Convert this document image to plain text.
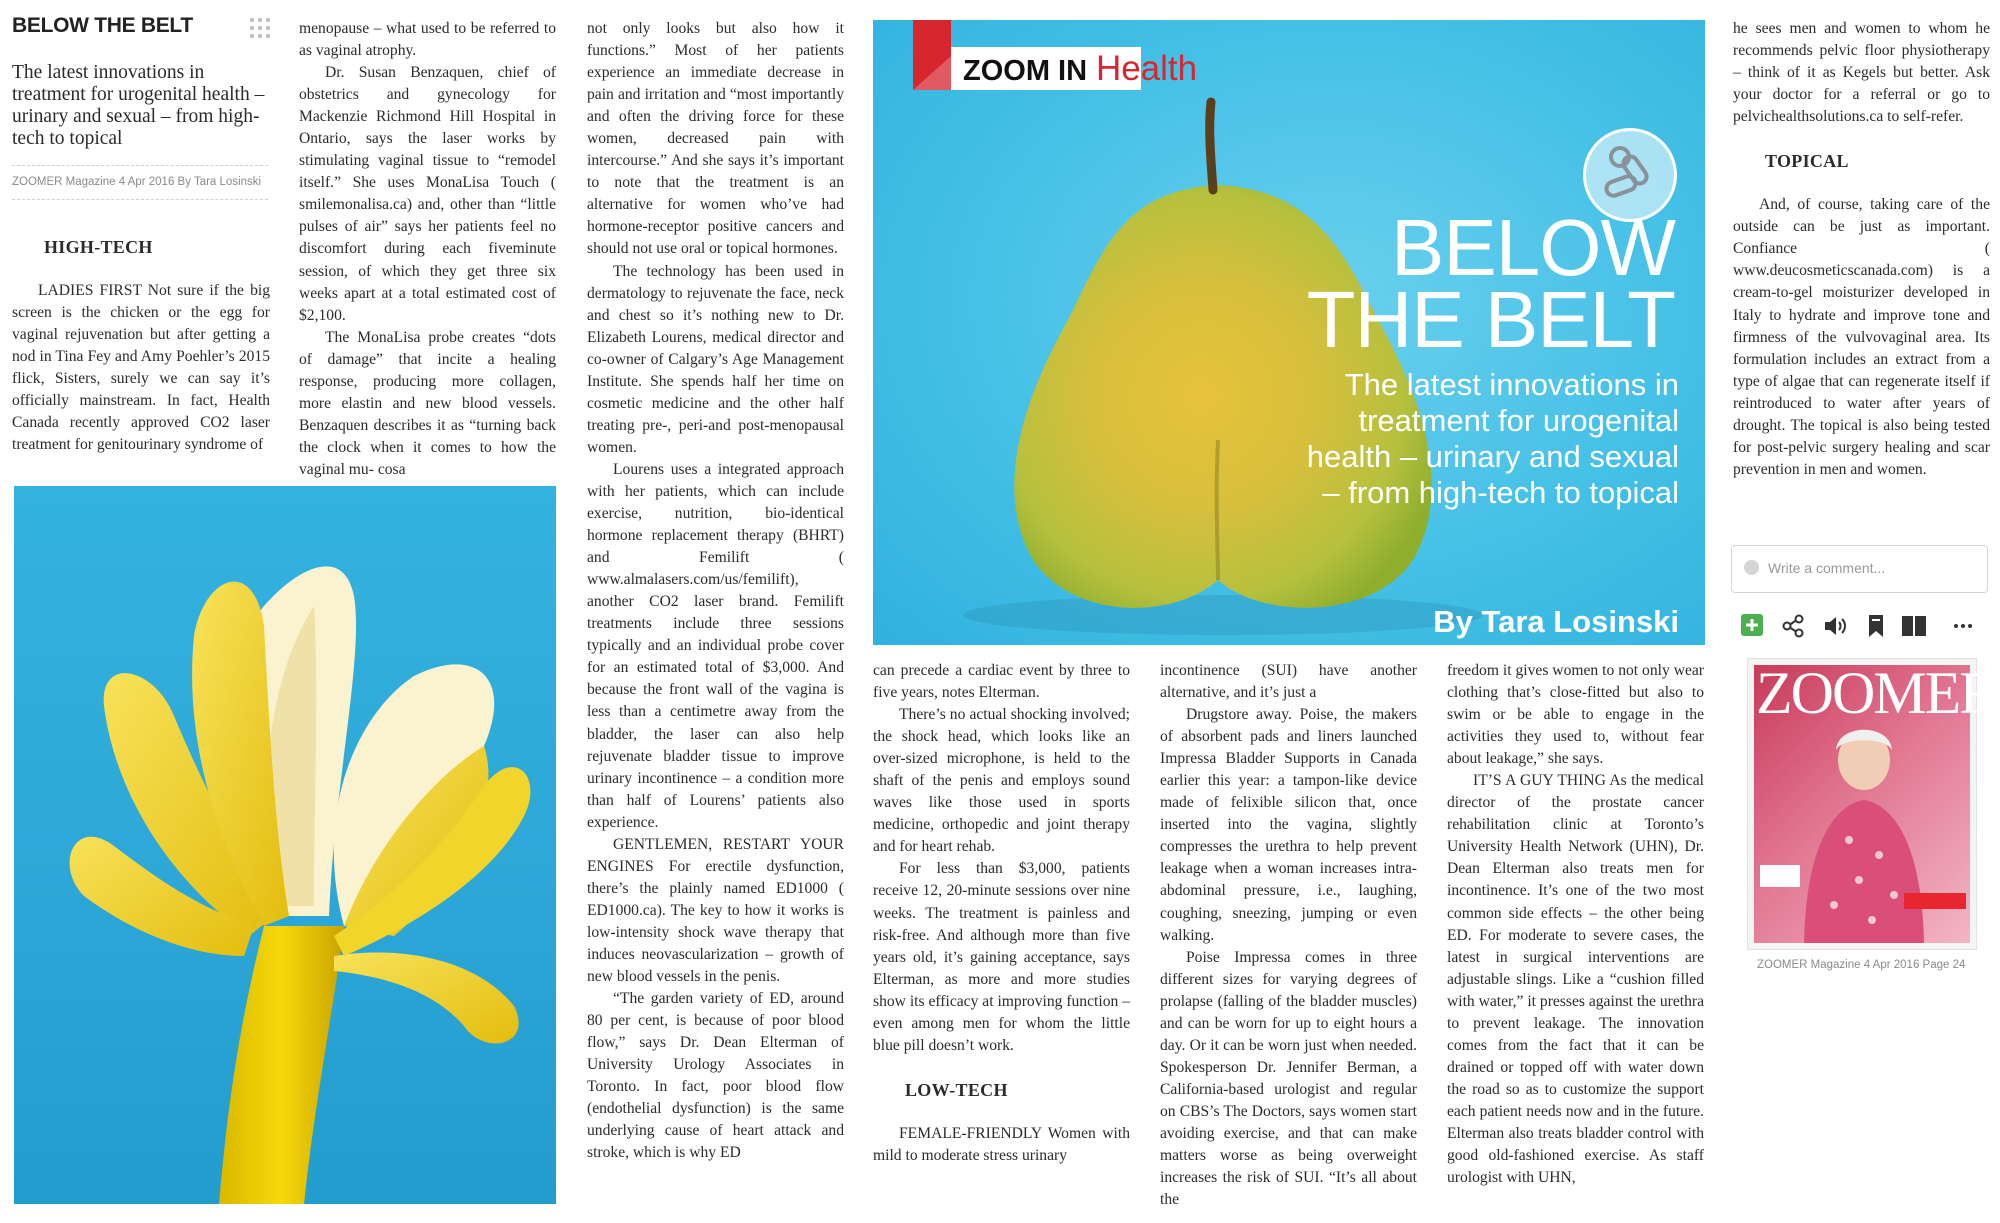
BELOW THE BELT
The latest innovations in treatment for urogenital health – urinary and sexual – from high-tech to topical
ZOOMER Magazine 4 Apr 2016 By Tara Losinski
HIGH-TECH

LADIES FIRST Not sure if the big screen is the chicken or the egg for vaginal rejuvenation but after getting a nod in Tina Fey and Amy Poehler’s 2015 flick, Sisters, surely we can say it’s officially mainstream. In fact, Health Canada recently approved CO2 laser treatment for genitourinary syndrome of

menopause – what used to be referred to as vaginal atrophy.

Dr. Susan Benzaquen, chief of obstetrics and gynecology for Mackenzie Richmond Hill Hospital in Ontario, says the laser works by stimulating vaginal tissue to “remodel itself.” She uses MonaLisa Touch ( smilemonalisa.ca) and, other than “little pulses of air” says her patients feel no discomfort during each fiveminute session, of which they get three six weeks apart at a total estimated cost of $2,100.

The MonaLisa probe creates “dots of damage” that incite a healing response, producing more collagen, more elastin and new blood vessels. Benzaquen describes it as “turning back the clock when it comes to how the vaginal mu- cosa

not only looks but also how it functions.” Most of her patients experience an immediate decrease in pain and irritation and “most importantly and often the driving force for these women, decreased pain with intercourse.” And she says it’s important to note that the treatment is an alternative for women who’ve had hormone-receptor positive cancers and should not use oral or topical hormones.

The technology has been used in dermatology to rejuvenate the face, neck and chest so it’s nothing new to Dr. Elizabeth Lourens, medical director and co-owner of Calgary’s Age Management Institute. She spends half her time on cosmetic medicine and the other half treating pre-, peri-and post-menopausal women.

Lourens uses a integrated approach with her patients, which can include exercise, nutrition, bio-identical hormone replacement therapy (BHRT) and Femilift ( www.almalasers.com/us/femilift), another CO2 laser brand. Femilift treatments include three sessions typically and an individual probe cover for an estimated total of $3,000. And because the front wall of the vagina is less than a centimetre away from the bladder, the laser can also help rejuvenate bladder tissue to improve urinary incontinence – a condition more than half of Lourens’ patients also experience.

GENTLEMEN, RESTART YOUR ENGINES For erectile dysfunction, there’s the plainly named ED1000 ( ED1000.ca). The key to how it works is low-intensity shock wave therapy that induces neovascularization – growth of new blood vessels in the penis.

“The garden variety of ED, around 80 per cent, is because of poor blood flow,” says Dr. Dean Elterman of University Urology Associates in Toronto. In fact, poor blood flow (endothelial dysfunction) is the same underlying cause of heart attack and stroke, which is why ED

ZOOM IN Health
BELOW
THE BELT
The latest innovations in treatment for urogenital health – urinary and sexual – from high-tech to topical
By Tara Losinski

can precede a cardiac event by three to five years, notes Elterman.

There’s no actual shocking involved; the shock head, which looks like an over-sized microphone, is held to the shaft of the penis and employs sound waves like those used in sports medicine, orthopedic and joint therapy and for heart rehab.

For less than $3,000, patients receive 12, 20-minute sessions over nine weeks. The treatment is painless and risk-free. And although more than five years old, it’s gaining acceptance, says Elterman, as more and more studies show its efficacy at improving function – even among men for whom the little blue pill doesn’t work.

LOW-TECH

FEMALE-FRIENDLY Women with mild to moderate stress urinary

incontinence (SUI) have another alternative, and it’s just a

Drugstore away. Poise, the makers of absorbent pads and liners launched Impressa Bladder Supports in Canada earlier this year: a tampon-like device made of felixible silicon that, once inserted into the vagina, slightly compresses the urethra to help prevent leakage when a woman increases intra-abdominal pressure, i.e., laughing, coughing, sneezing, jumping or even walking.

Poise Impressa comes in three different sizes for varying degrees of prolapse (falling of the bladder muscles) and can be worn for up to eight hours a day. Or it can be worn just when needed. Spokesperson Dr. Jennifer Berman, a California-based urologist and regular on CBS’s The Doctors, says women start avoiding exercise, and that can make matters worse as being overweight increases the risk of SUI. “It’s all about the

freedom it gives women to not only wear clothing that’s close-fitted but also to swim or be able to engage in the activities they used to, without fear about leakage,” she says.

IT’S A GUY THING As the medical director of the prostate cancer rehabilitation clinic at Toronto’s University Health Network (UHN), Dr. Dean Elterman also treats men for incontinence. It’s one of the two most common side effects – the other being ED. For moderate to severe cases, the latest in surgical interventions are adjustable slings. Like a “cushion filled with water,” it presses against the urethra to prevent leakage. The innovation comes from the fact that it can be drained or topped off with water down the road so as to customize the support each patient needs now and in the future. Elterman also treats bladder control with good old-fashioned exercise. As staff urologist with UHN,

he sees men and women to whom he recommends pelvic floor physiotherapy – think of it as Kegels but better. Ask your doctor for a referral or go to pelvichealthsolutions.ca to self-refer.

TOPICAL

And, of course, taking care of the outside can be just as important. Confiance ( www.deucosmeticscanada.com) is a cream-to-gel moisturizer developed in Italy to hydrate and improve tone and firmness of the vulvovaginal area. Its formulation includes an extract from a type of algae that can regenerate itself if reintroduced to water after years of drought. The topical is also being tested for post-pelvic surgery healing and scar prevention in men and women.

Write a comment...
ZOOMER
ZOOMER Magazine 4 Apr 2016 Page 24
